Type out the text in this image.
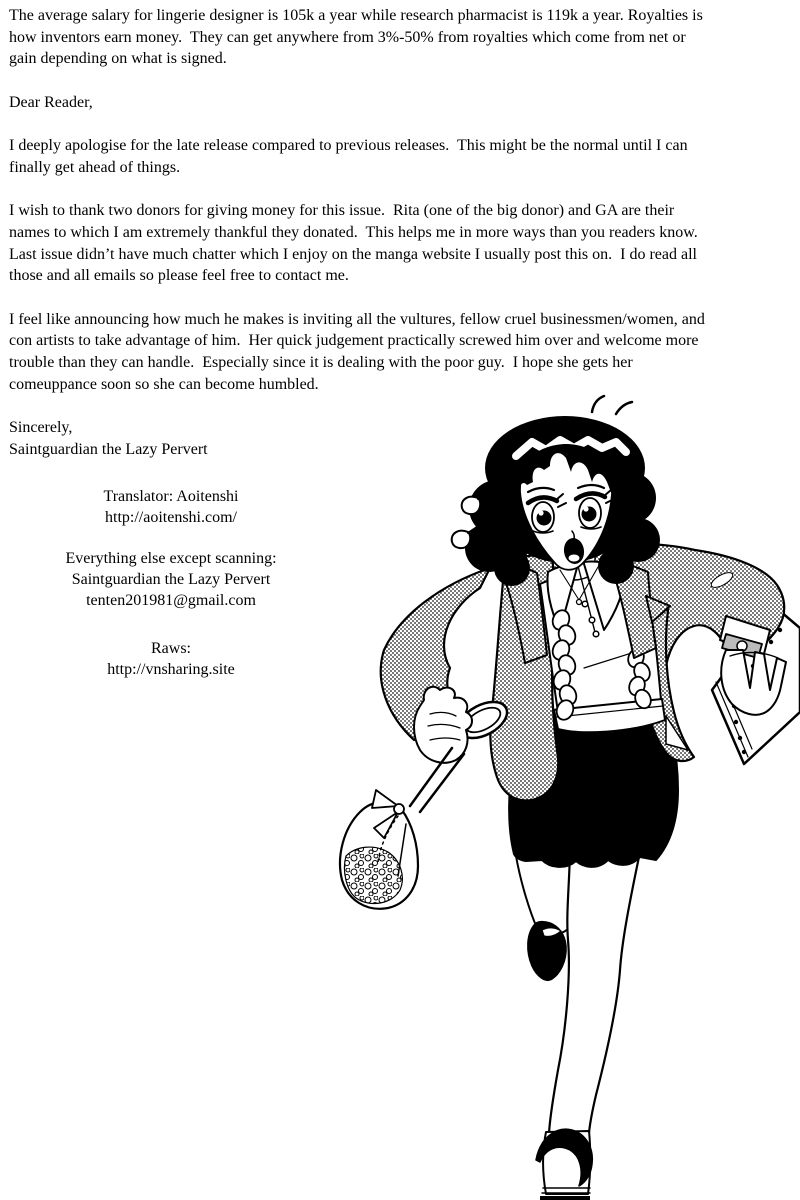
The average salary for lingerie designer is 105k a year while research pharmacist is 119k a year. Royalties is
how inventors earn money.  They can get anywhere from 3%-50% from royalties which come from net or
gain depending on what is signed.
Dear Reader,
I deeply apologise for the late release compared to previous releases.  This might be the normal until I can
finally get ahead of things.
I wish to thank two donors for giving money for this issue.  Rita (one of the big donor) and GA are their
names to which I am extremely thankful they donated.  This helps me in more ways than you readers know.
Last issue didn’t have much chatter which I enjoy on the manga website I usually post this on.  I do read all
those and all emails so please feel free to contact me.
I feel like announcing how much he makes is inviting all the vultures, fellow cruel businessmen/women, and
con artists to take advantage of him.  Her quick judgement practically screwed him over and welcome more
trouble than they can handle.  Especially since it is dealing with the poor guy.  I hope she gets her
comeuppance soon so she can become humbled.
Sincerely,
Saintguardian the Lazy Pervert
Translator: Aoitenshi
http://aoitenshi.com/
Everything else except scanning:
Saintguardian the Lazy Pervert
tenten201981@gmail.com
Raws:
http://vnsharing.site
